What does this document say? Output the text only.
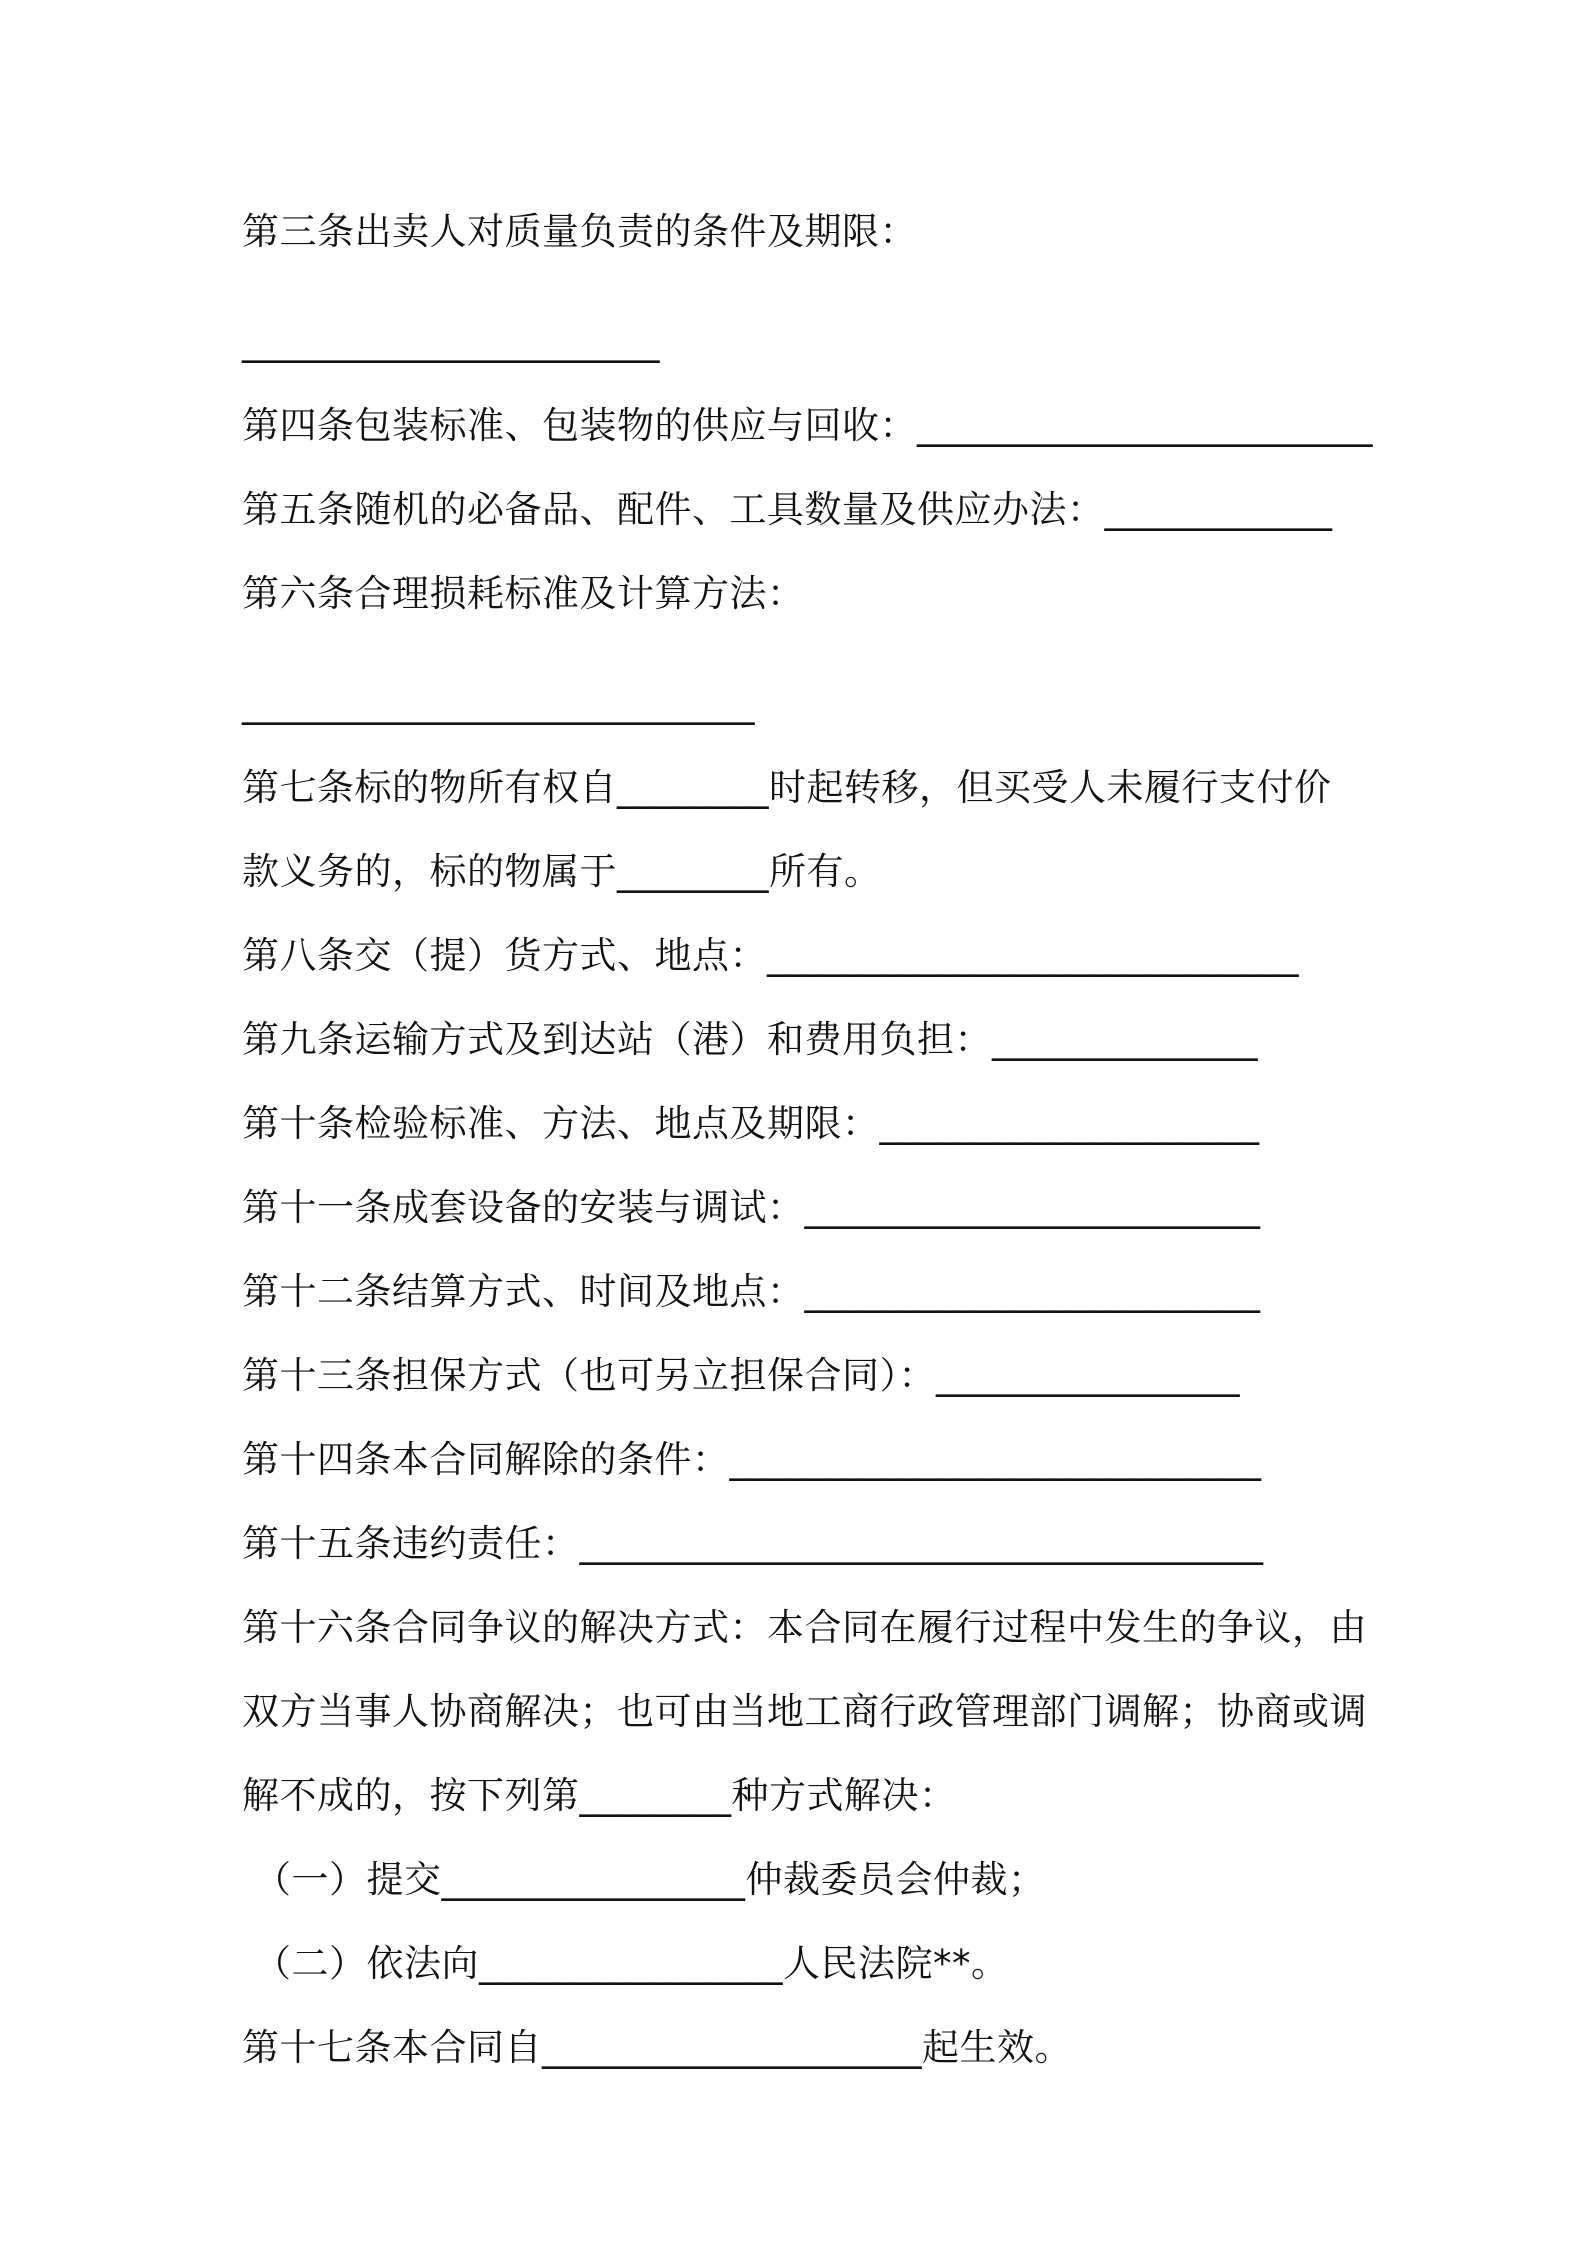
第三条出卖人对质量负责的条件及期限：
______________________
第四条包装标准、包装物的供应与回收：________________________
第五条随机的必备品、配件、工具数量及供应办法：____________
第六条合理损耗标准及计算方法：
___________________________
第七条标的物所有权自________时起转移，但买受人未履行支付价
款义务的，标的物属于________所有。
第八条交（提）货方式、地点：____________________________
第九条运输方式及到达站（港）和费用负担：______________
第十条检验标准、方法、地点及期限：____________________
第十一条成套设备的安装与调试：________________________
第十二条结算方式、时间及地点：________________________
第十三条担保方式（也可另立担保合同）：________________
第十四条本合同解除的条件：____________________________
第十五条违约责任：____________________________________
第十六条合同争议的解决方式：本合同在履行过程中发生的争议，由
双方当事人协商解决；也可由当地工商行政管理部门调解；协商或调
解不成的，按下列第________种方式解决：
（一）提交________________仲裁委员会仲裁；
（二）依法向________________人民法院**。
第十七条本合同自____________________起生效。
